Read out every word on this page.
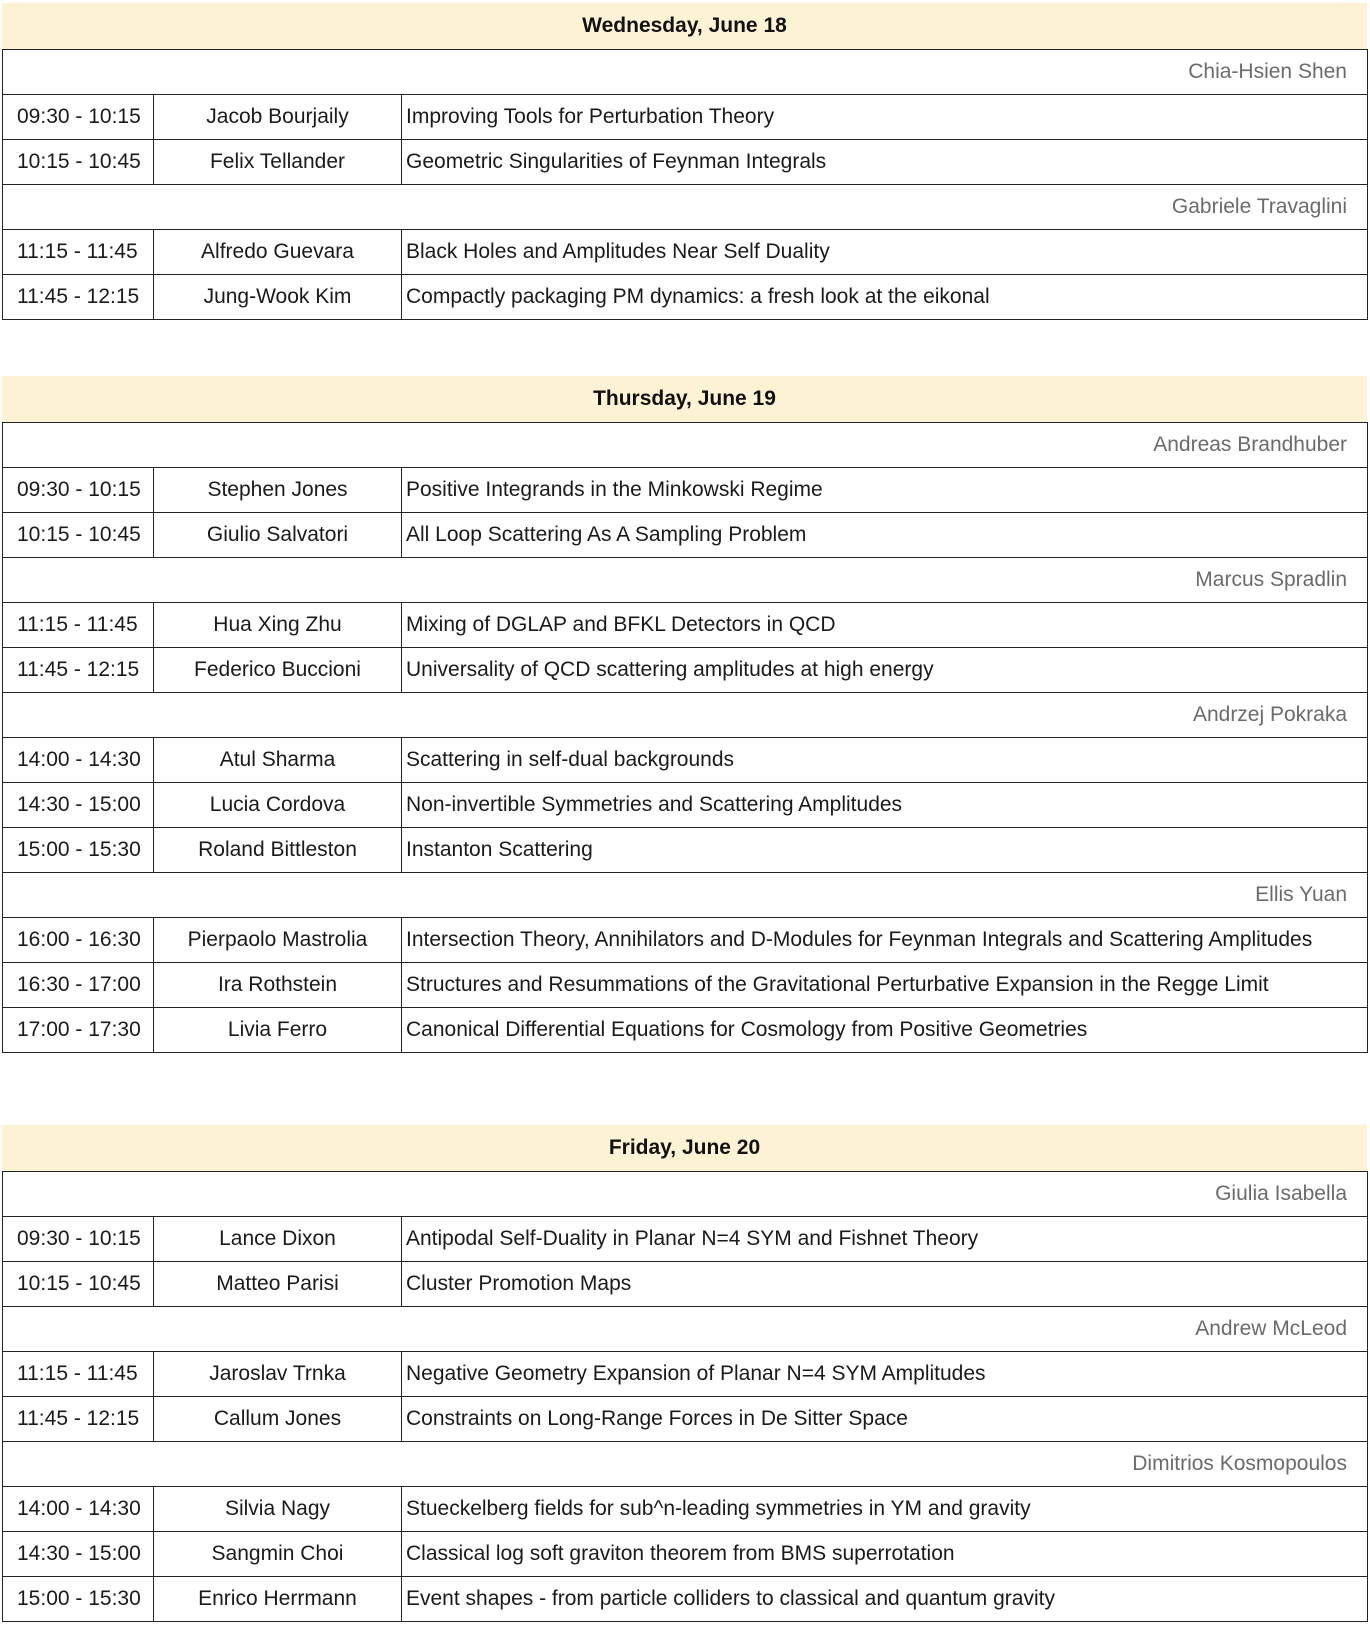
Wednesday, June 18
Chia-Hsien Shen		
09:30 - 10:15	Jacob Bourjaily	Improving Tools for Perturbation Theory
10:15 - 10:45	Felix Tellander	Geometric Singularities of Feynman Integrals
Gabriele Travaglini		
11:15 - 11:45	Alfredo Guevara	Black Holes and Amplitudes Near Self Duality
11:45 - 12:15	Jung-Wook Kim	Compactly packaging PM dynamics: a fresh look at the eikonal
Thursday, June 19
Andreas Brandhuber		
09:30 - 10:15	Stephen Jones	Positive Integrands in the Minkowski Regime
10:15 - 10:45	Giulio Salvatori	All Loop Scattering As A Sampling Problem
Marcus Spradlin		
11:15 - 11:45	Hua Xing Zhu	Mixing of DGLAP and BFKL Detectors in QCD
11:45 - 12:15	Federico Buccioni	Universality of QCD scattering amplitudes at high energy
Andrzej Pokraka		
14:00 - 14:30	Atul Sharma	Scattering in self-dual backgrounds
14:30 - 15:00	Lucia Cordova	Non-invertible Symmetries and Scattering Amplitudes
15:00 - 15:30	Roland Bittleston	Instanton Scattering
Ellis Yuan		
16:00 - 16:30	Pierpaolo Mastrolia	Intersection Theory, Annihilators and D-Modules for Feynman Integrals and Scattering Amplitudes
16:30 - 17:00	Ira Rothstein	Structures and Resummations of the Gravitational Perturbative Expansion in the Regge Limit
17:00 - 17:30	Livia Ferro	Canonical Differential Equations for Cosmology from Positive Geometries
Friday, June 20
Giulia Isabella		
09:30 - 10:15	Lance Dixon	Antipodal Self-Duality in Planar N=4 SYM and Fishnet Theory
10:15 - 10:45	Matteo Parisi	Cluster Promotion Maps
Andrew McLeod		
11:15 - 11:45	Jaroslav Trnka	Negative Geometry Expansion of Planar N=4 SYM Amplitudes
11:45 - 12:15	Callum Jones	Constraints on Long-Range Forces in De Sitter Space
Dimitrios Kosmopoulos		
14:00 - 14:30	Silvia Nagy	Stueckelberg fields for sub^n-leading symmetries in YM and gravity
14:30 - 15:00	Sangmin Choi	Classical log soft graviton theorem from BMS superrotation
15:00 - 15:30	Enrico Herrmann	Event shapes - from particle colliders to classical and quantum gravity
